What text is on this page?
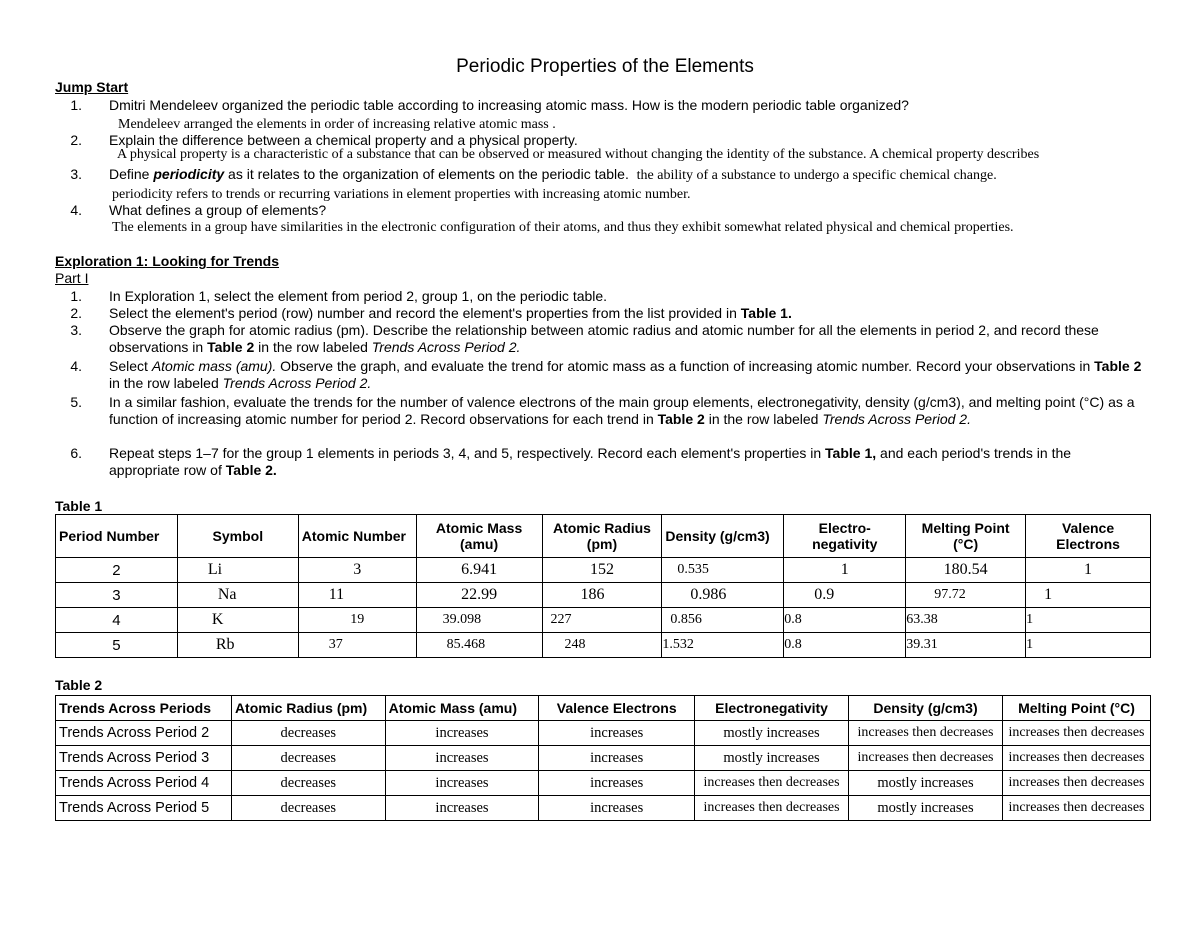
Periodic Properties of the Elements
Jump Start
1. Dmitri Mendeleev organized the periodic table according to increasing atomic mass. How is the modern periodic table organized?
Mendeleev arranged the elements in order of increasing relative atomic mass .
2. Explain the difference between a chemical property and a physical property.
A physical property is a characteristic of a substance that can be observed or measured without changing the identity of the substance. A chemical property describes
3. Define periodicity as it relates to the organization of elements on the periodic table. the ability of a substance to undergo a specific chemical change.
periodicity refers to trends or recurring variations in element properties with increasing atomic number.
4. What defines a group of elements?
The elements in a group have similarities in the electronic configuration of their atoms, and thus they exhibit somewhat related physical and chemical properties.
Exploration 1: Looking for Trends
Part I
1. In Exploration 1, select the element from period 2, group 1, on the periodic table.
2. Select the element's period (row) number and record the element's properties from the list provided in Table 1.
3. Observe the graph for atomic radius (pm). Describe the relationship between atomic radius and atomic number for all the elements in period 2, and record these observations in Table 2 in the row labeled Trends Across Period 2.
4. Select Atomic mass (amu). Observe the graph, and evaluate the trend for atomic mass as a function of increasing atomic number. Record your observations in Table 2 in the row labeled Trends Across Period 2.
5. In a similar fashion, evaluate the trends for the number of valence electrons of the main group elements, electronegativity, density (g/cm3), and melting point (°C) as a function of increasing atomic number for period 2. Record observations for each trend in Table 2 in the row labeled Trends Across Period 2.
6. Repeat steps 1–7 for the group 1 elements in periods 3, 4, and 5, respectively. Record each element's properties in Table 1, and each period's trends in the appropriate row of Table 2.
Table 1
Period Number	Symbol	Atomic Number	Atomic Mass (amu)	Atomic Radius (pm)	Density (g/cm3)	Electro-negativity	Melting Point (°C)	Valence Electrons
2	Li	3	6.941	152	0.535	1	180.54	1
3	Na	11	22.99	186	0.986	0.9	97.72	1
4	K	19	39.098	227	0.856	0.8	63.38	1
5	Rb	37	85.468	248	1.532	0.8	39.31	1
Table 2
Trends Across Periods	Atomic Radius (pm)	Atomic Mass (amu)	Valence Electrons	Electronegativity	Density (g/cm3)	Melting Point (°C)
Trends Across Period 2	decreases	increases	increases	mostly increases	increases then decreases	increases then decreases
Trends Across Period 3	decreases	increases	increases	mostly increases	increases then decreases	increases then decreases
Trends Across Period 4	decreases	increases	increases	increases then decreases	mostly increases	increases then decreases
Trends Across Period 5	decreases	increases	increases	increases then decreases	mostly increases	increases then decreases
